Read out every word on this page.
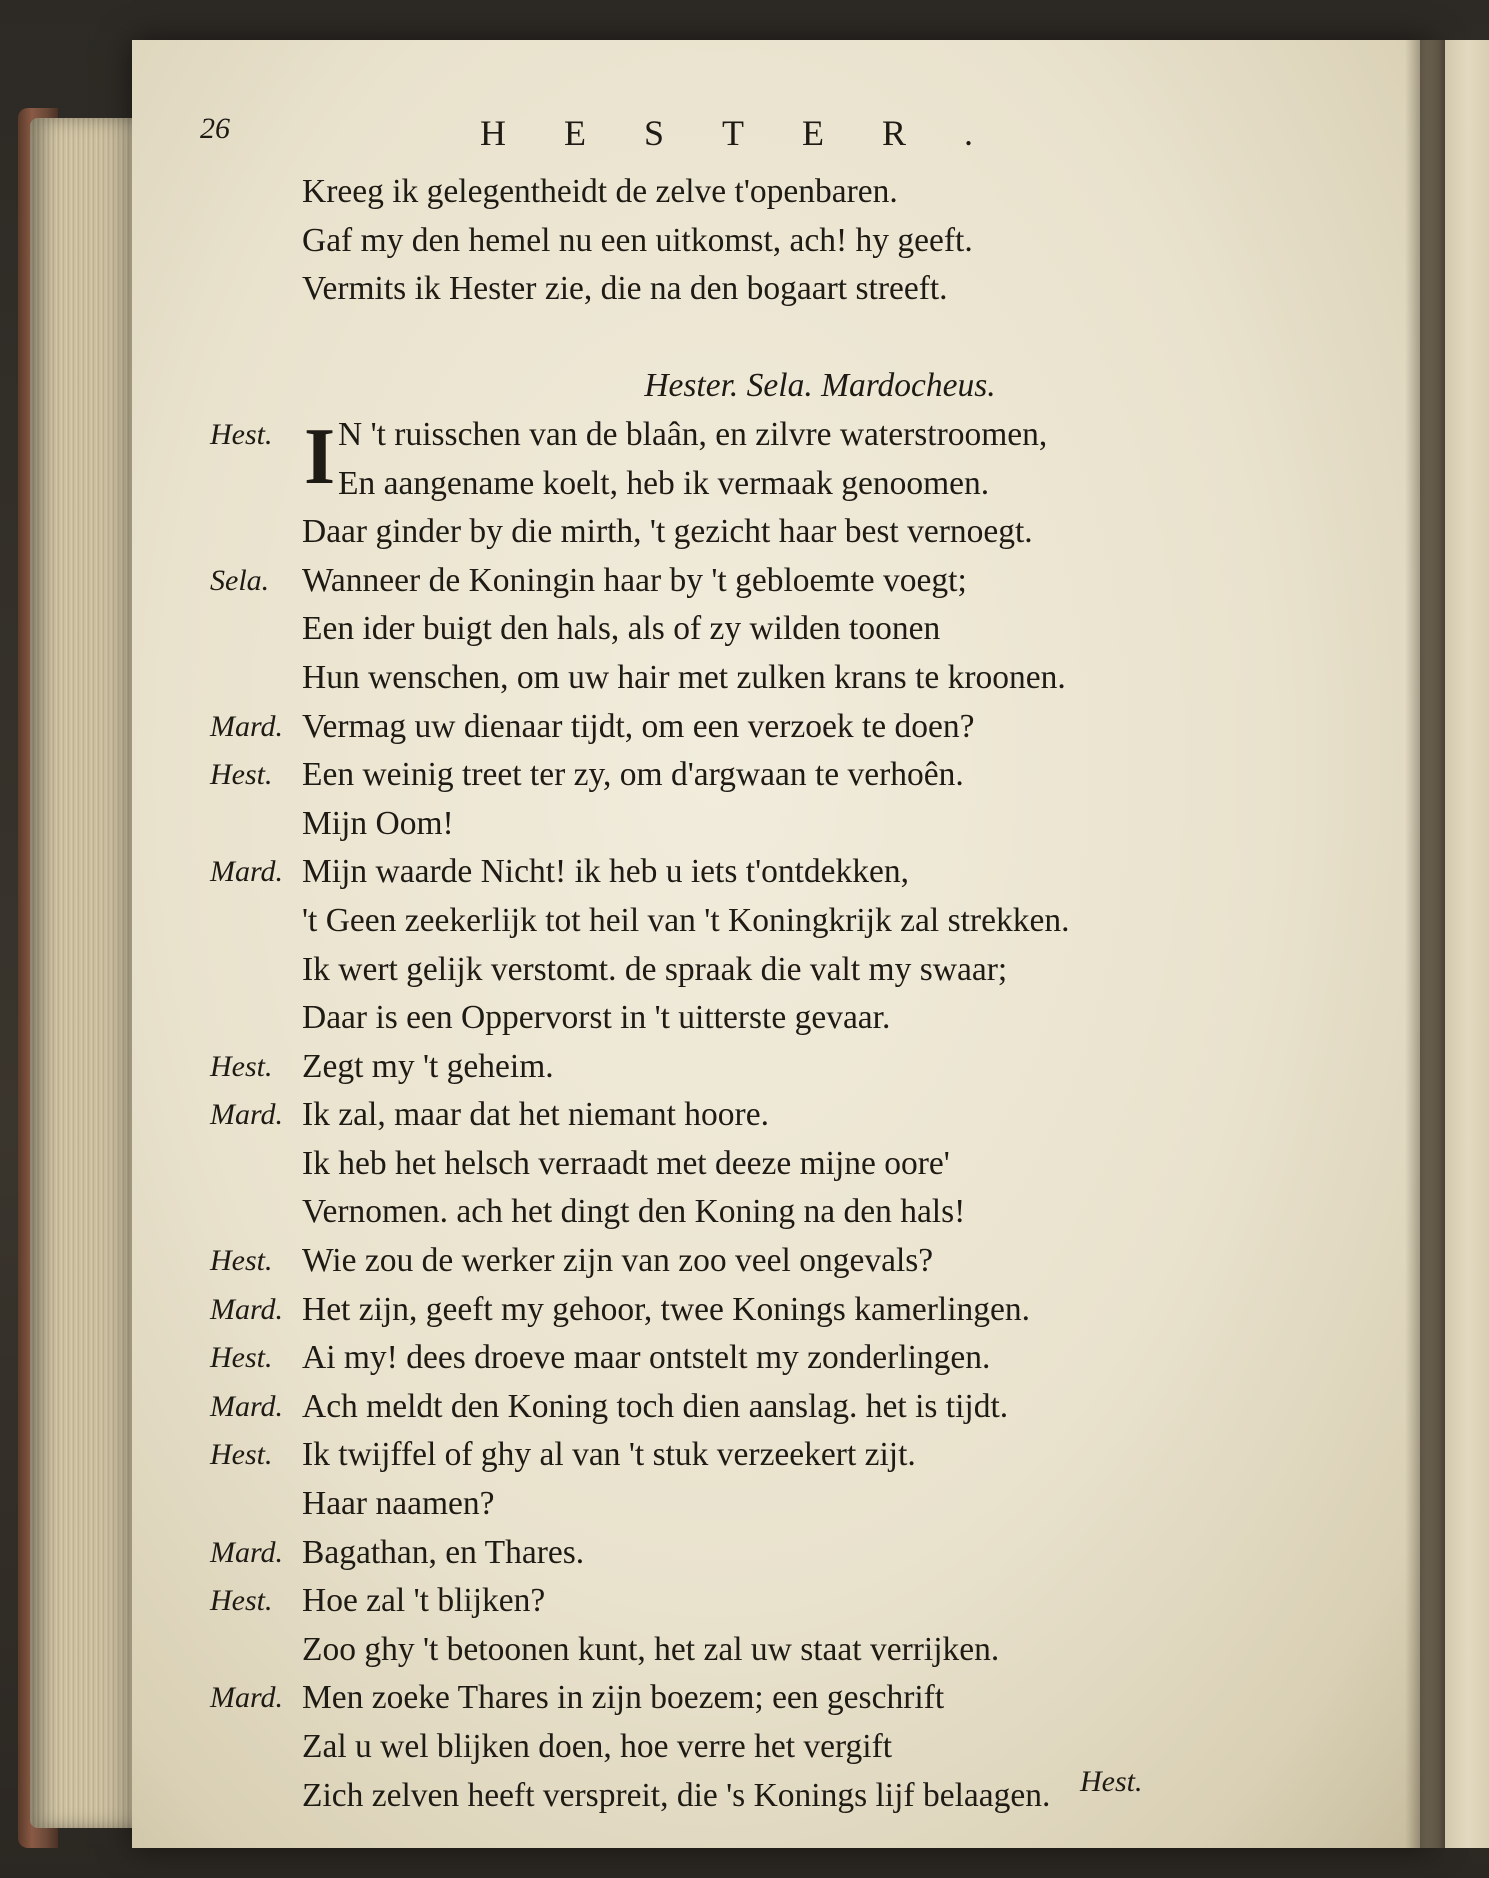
26	HESTER.
Kreeg ik gelegentheidt de zelve t'openbaren.
Gaf my den hemel nu een uitkomst, ach! hy geeft.
Vermits ik Hester zie, die na den bogaart streeft.
Hester. Sela. Mardocheus.
Hest. I N 't ruisschen van de blaân, en zilvre waterstroomen,
En aangename koelt, heb ik vermaak genoomen.
Daar ginder by die mirth, 't gezicht haar best vernoegt.
Sela. Wanneer de Koningin haar by 't gebloemte voegt;
Een ider buigt den hals, als of zy wilden toonen
Hun wenschen, om uw hair met zulken krans te kroonen.
Mard. Vermag uw dienaar tijdt, om een verzoek te doen?
Hest. Een weinig treet ter zy, om d'argwaan te verhoên.
Mijn Oom!
Mard. Mijn waarde Nicht! ik heb u iets t'ontdekken,
't Geen zeekerlijk tot heil van 't Koningkrijk zal strekken.
Ik wert gelijk verstomt. de spraak die valt my swaar;
Daar is een Oppervorst in 't uitterste gevaar.
Hest. Zegt my 't geheim.
Mard. Ik zal, maar dat het niemant hoore.
Ik heb het helsch verraadt met deeze mijne oore'
Vernomen. ach het dingt den Koning na den hals!
Hest. Wie zou de werker zijn van zoo veel ongevals?
Mard. Het zijn, geeft my gehoor, twee Konings kamerlingen.
Hest. Ai my! dees droeve maar ontstelt my zonderlingen.
Mard. Ach meldt den Koning toch dien aanslag. het is tijdt.
Hest. Ik twijffel of ghy al van 't stuk verzeekert zijt.
Haar naamen?
Mard. Bagathan, en Thares.
Hest. Hoe zal 't blijken?
Zoo ghy 't betoonen kunt, het zal uw staat verrijken.
Mard. Men zoeke Thares in zijn boezem; een geschrift
Zal u wel blijken doen, hoe verre het vergift
Zich zelven heeft verspreit, die 's Konings lijf belaagen. Hest.
